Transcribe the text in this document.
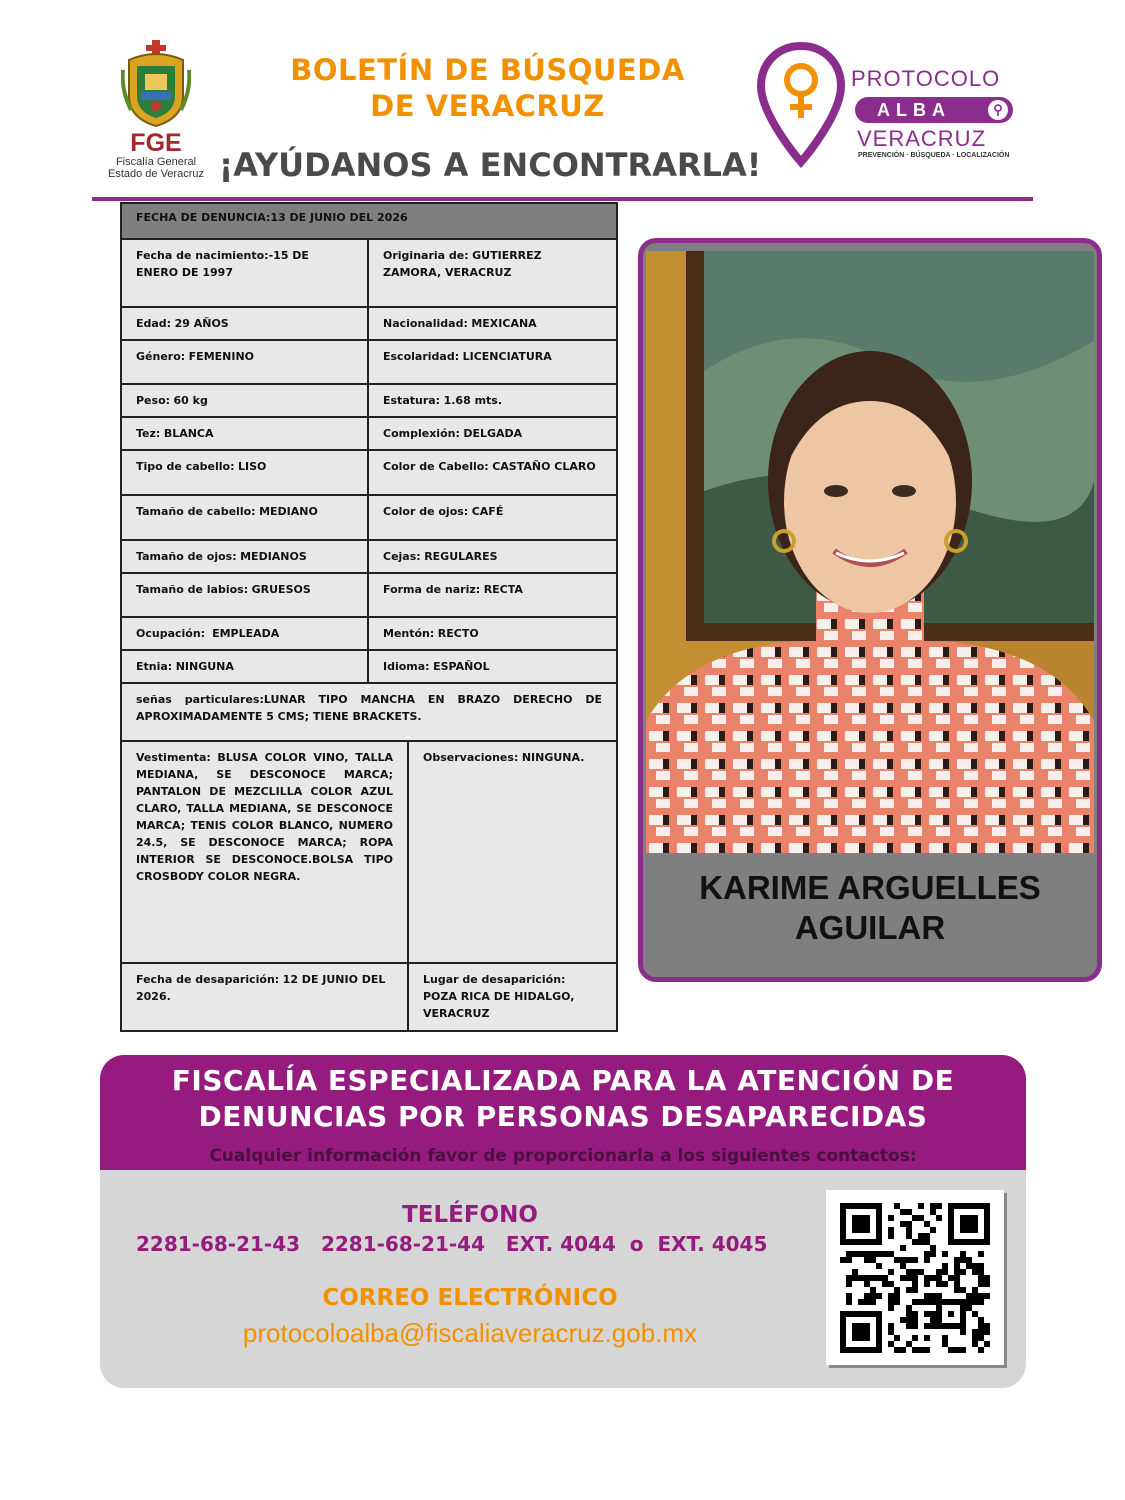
FGE
Fiscalía General
Estado de Veracruz
BOLETÍN DE BÚSQUEDA
DE VERACRUZ
¡AYÚDANOS A ENCONTRARLA!
PROTOCOLO
ALBA	⚲
VERACRUZ
PREVENCIÓN · BÚSQUEDA · LOCALIZACIÓN
FECHA DE DENUNCIA:13 DE JUNIO DEL 2026		
Fecha de nacimiento:-15 DE ENERO DE 1997	Originaria de: GUTIERREZ ZAMORA, VERACRUZ	
Edad: 29 AÑOS	Nacionalidad: MEXICANA	
Género: FEMENINO	Escolaridad: LICENCIATURA	
Peso: 60 kg	Estatura: 1.68 mts.	
Tez: BLANCA	Complexión: DELGADA	
Tipo de cabello: LISO	Color de Cabello: CASTAÑO CLARO	
Tamaño de cabello: MEDIANO	Color de ojos: CAFÉ	
Tamaño de ojos: MEDIANOS	Cejas: REGULARES	
Tamaño de labios: GRUESOS	Forma de nariz: RECTA	
Ocupación: EMPLEADA	Mentón: RECTO	
Etnia: NINGUNA	Idioma: ESPAÑOL	
señas particulares:LUNAR TIPO MANCHA EN BRAZO DERECHO DE APROXIMADAMENTE 5 CMS; TIENE BRACKETS.		
Vestimenta: BLUSA COLOR VINO, TALLA MEDIANA, SE DESCONOCE MARCA; PANTALON DE MEZCLILLA COLOR AZUL CLARO, TALLA MEDIANA, SE DESCONOCE MARCA; TENIS COLOR BLANCO, NUMERO 24.5, SE DESCONOCE MARCA; ROPA INTERIOR SE DESCONOCE.BOLSA TIPO CROSBODY COLOR NEGRA.		Observaciones: NINGUNA.
Fecha de desaparición: 12 DE JUNIO DEL 2026.		Lugar de desaparición: POZA RICA DE HIDALGO, VERACRUZ
KARIME ARGUELLES
AGUILAR
FISCALÍA ESPECIALIZADA PARA LA ATENCIÓN DE
DENUNCIAS POR PERSONAS DESAPARECIDAS
Cualquier información favor de proporcionarla a los siguientes contactos:
TELÉFONO
2281-68-21-43 2281-68-21-44 EXT. 4044 o EXT. 4045
CORREO ELECTRÓNICO
protocoloalba@fiscaliaveracruz.gob.mx
